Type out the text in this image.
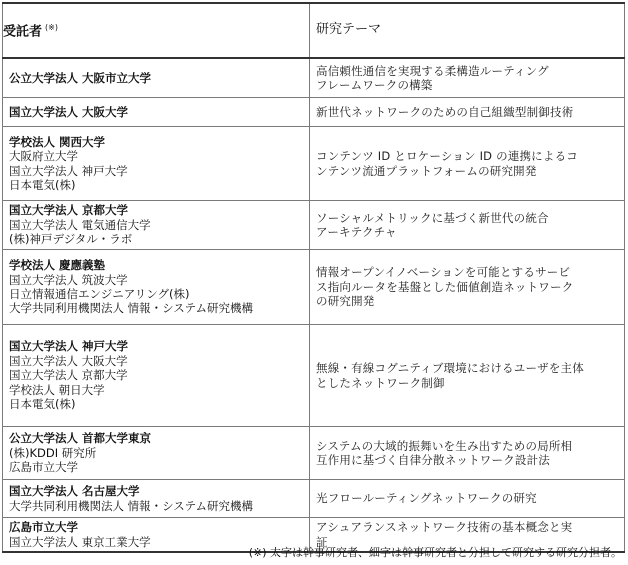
受託者 (※)	研究テーマ

公立大学法人 大阪市立大学	高信頼性通信を実現する柔構造ルーティング
フレームワークの構築

国立大学法人 大阪大学	新世代ネットワークのための自己組織型制御技術

学校法人 関西大学
大阪府立大学
国立大学法人 神戸大学
日本電気(株)	コンテンツ ID とロケーション ID の連携によるコ
ンテンツ流通プラットフォームの研究開発

国立大学法人 京都大学
国立大学法人 電気通信大学
(株)神戸デジタル・ラボ	ソーシャルメトリックに基づく新世代の統合
アーキテクチャ

学校法人 慶應義塾
国立大学法人 筑波大学
日立情報通信エンジニアリング(株)
大学共同利用機関法人 情報・システム研究機構	情報オープンイノベーションを可能とするサービ
ス指向ルータを基盤とした価値創造ネットワーク
の研究開発

国立大学法人 神戸大学
国立大学法人 大阪大学
国立大学法人 京都大学
学校法人 朝日大学
日本電気(株)	無線・有線コグニティブ環境におけるユーザを主体
としたネットワーク制御

公立大学法人 首都大学東京
(株)KDDI 研究所
広島市立大学	システムの大域的振舞いを生み出すための局所相
互作用に基づく自律分散ネットワーク設計法

国立大学法人 名古屋大学
大学共同利用機関法人 情報・システム研究機構	光フロールーティングネットワークの研究

広島市立大学
国立大学法人 東京工業大学	アシュアランスネットワーク技術の基本概念と実
証
(※) 太字は幹事研究者、細字は幹事研究者と分担して研究する研究分担者。
